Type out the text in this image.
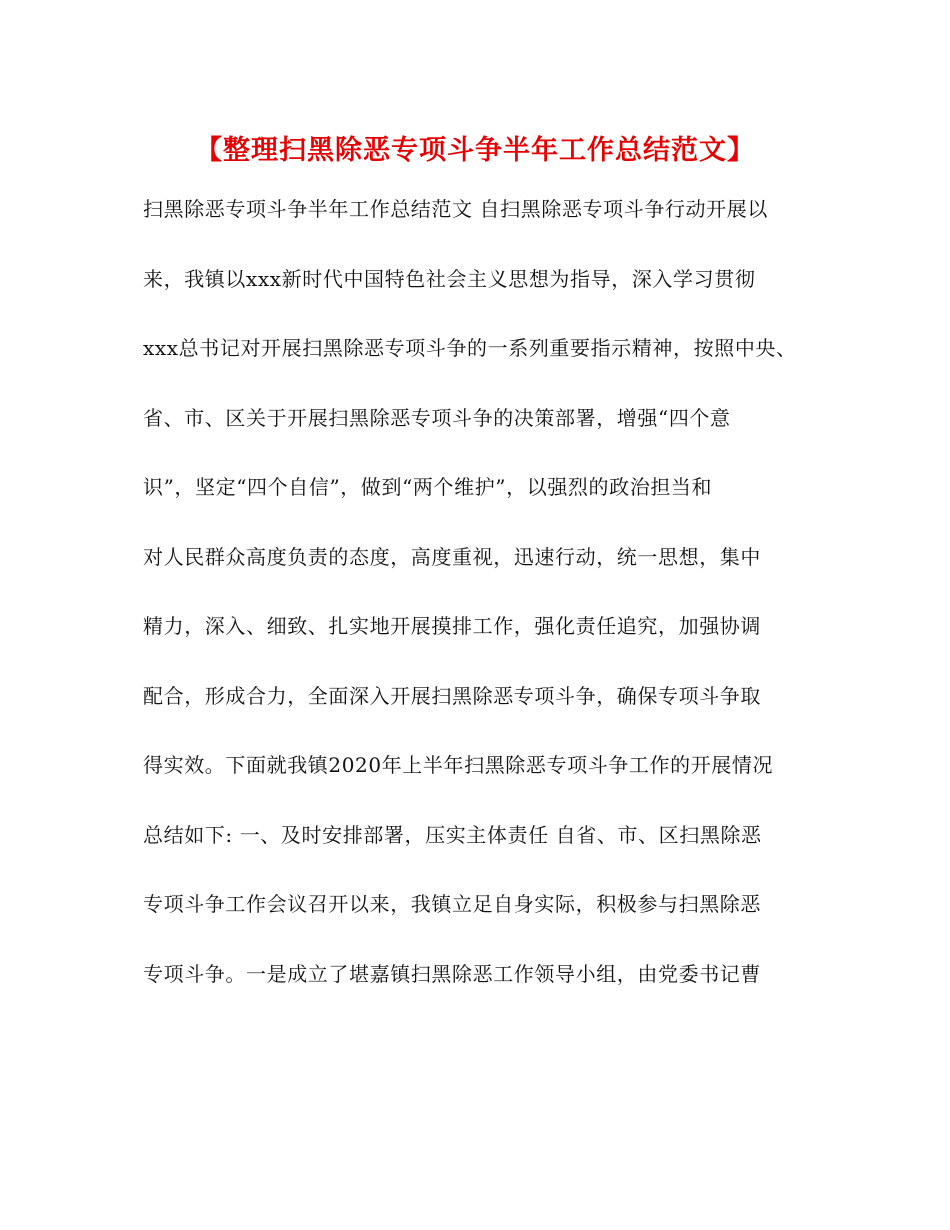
【整理扫黑除恶专项斗争半年工作总结范文】
扫黑除恶专项斗争半年工作总结范文 自扫黑除恶专项斗争行动开展以
来，我镇以xxx新时代中国特色社会主义思想为指导，深入学习贯彻
xxx总书记对开展扫黑除恶专项斗争的一系列重要指示精神，按照中央、
省、市、区关于开展扫黑除恶专项斗争的决策部署，增强“四个意
识”，坚定“四个自信”，做到“两个维护”，以强烈的政治担当和
对人民群众高度负责的态度，高度重视，迅速行动，统一思想，集中
精力，深入、细致、扎实地开展摸排工作，强化责任追究，加强协调
配合，形成合力，全面深入开展扫黑除恶专项斗争，确保专项斗争取
得实效。下面就我镇2020年上半年扫黑除恶专项斗争工作的开展情况
总结如下: 一、及时安排部署，压实主体责任 自省、市、区扫黑除恶
专项斗争工作会议召开以来，我镇立足自身实际，积极参与扫黑除恶
专项斗争。一是成立了堪嘉镇扫黑除恶工作领导小组，由党委书记曹
